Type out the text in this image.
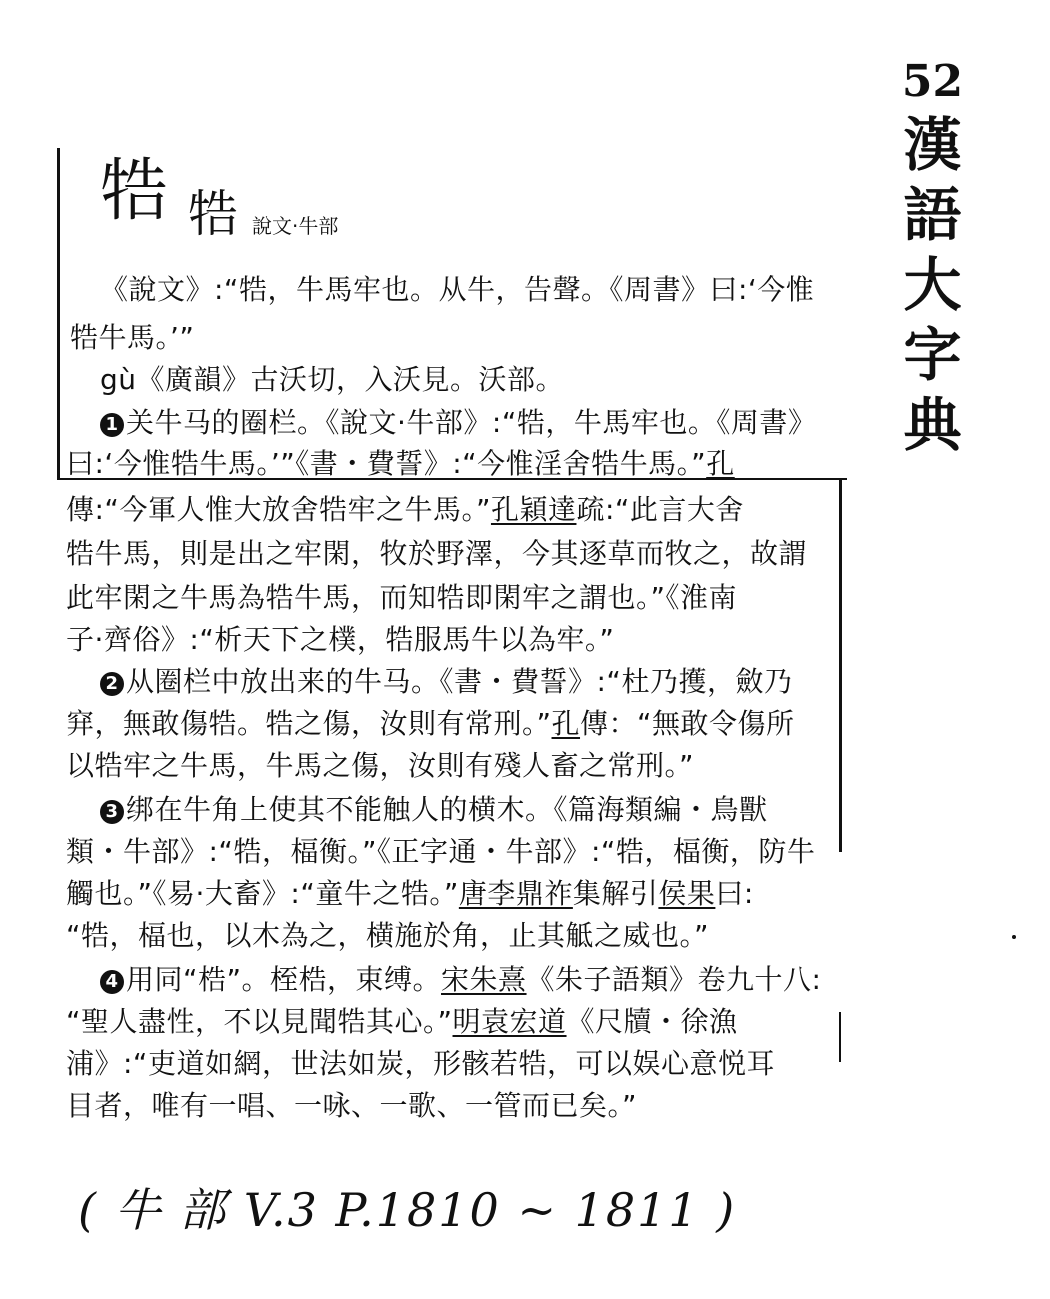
52
漢
語
大
字
典
牿 牿 說文·牛部
《說文》:“牿，牛馬牢也。从牛，告聲。《周書》曰:‘今惟
牿牛馬。’”
gù《廣韻》古沃切，入沃見。沃部。
1 关牛马的圈栏。《說文·牛部》:“牿，牛馬牢也。《周書》
曰:‘今惟牿牛馬。’”《書・費誓》:“今惟淫舍牿牛馬。”孔
傳:“今軍人惟大放舍牿牢之牛馬。”孔穎達疏:“此言大舍
牿牛馬，則是出之牢閑，牧於野澤，今其逐草而牧之，故謂
此牢閑之牛馬為牿牛馬，而知牿即閑牢之謂也。”《淮南
子·齊俗》:“析天下之樸，牿服馬牛以為牢。”
2 从圈栏中放出来的牛马。《書・費誓》:“杜乃擭，斂乃
穽，無敢傷牿。牿之傷，汝則有常刑。”孔傳：“無敢令傷所
以牿牢之牛馬，牛馬之傷，汝則有殘人畜之常刑。”
3 绑在牛角上使其不能触人的横木。《篇海類編・鳥獸
類・牛部》:“牿，楅衡。”《正字通・牛部》:“牿，楅衡，防牛
觸也。”《易·大畜》:“童牛之牿。”唐李鼎祚集解引侯果曰:
“牿，楅也，以木為之，横施於角，止其觝之威也。”
4 用同“梏”。桎梏，束缚。宋朱熹《朱子語類》卷九十八:
“聖人盡性，不以見聞牿其心。”明袁宏道《尺牘・徐漁
浦》:“吏道如網，世法如炭，形骸若牿，可以娱心意悦耳
目者，唯有一唱、一咏、一歌、一管而已矣。”
( 牛 部 V.3 P.1810 ~ 1811 )
